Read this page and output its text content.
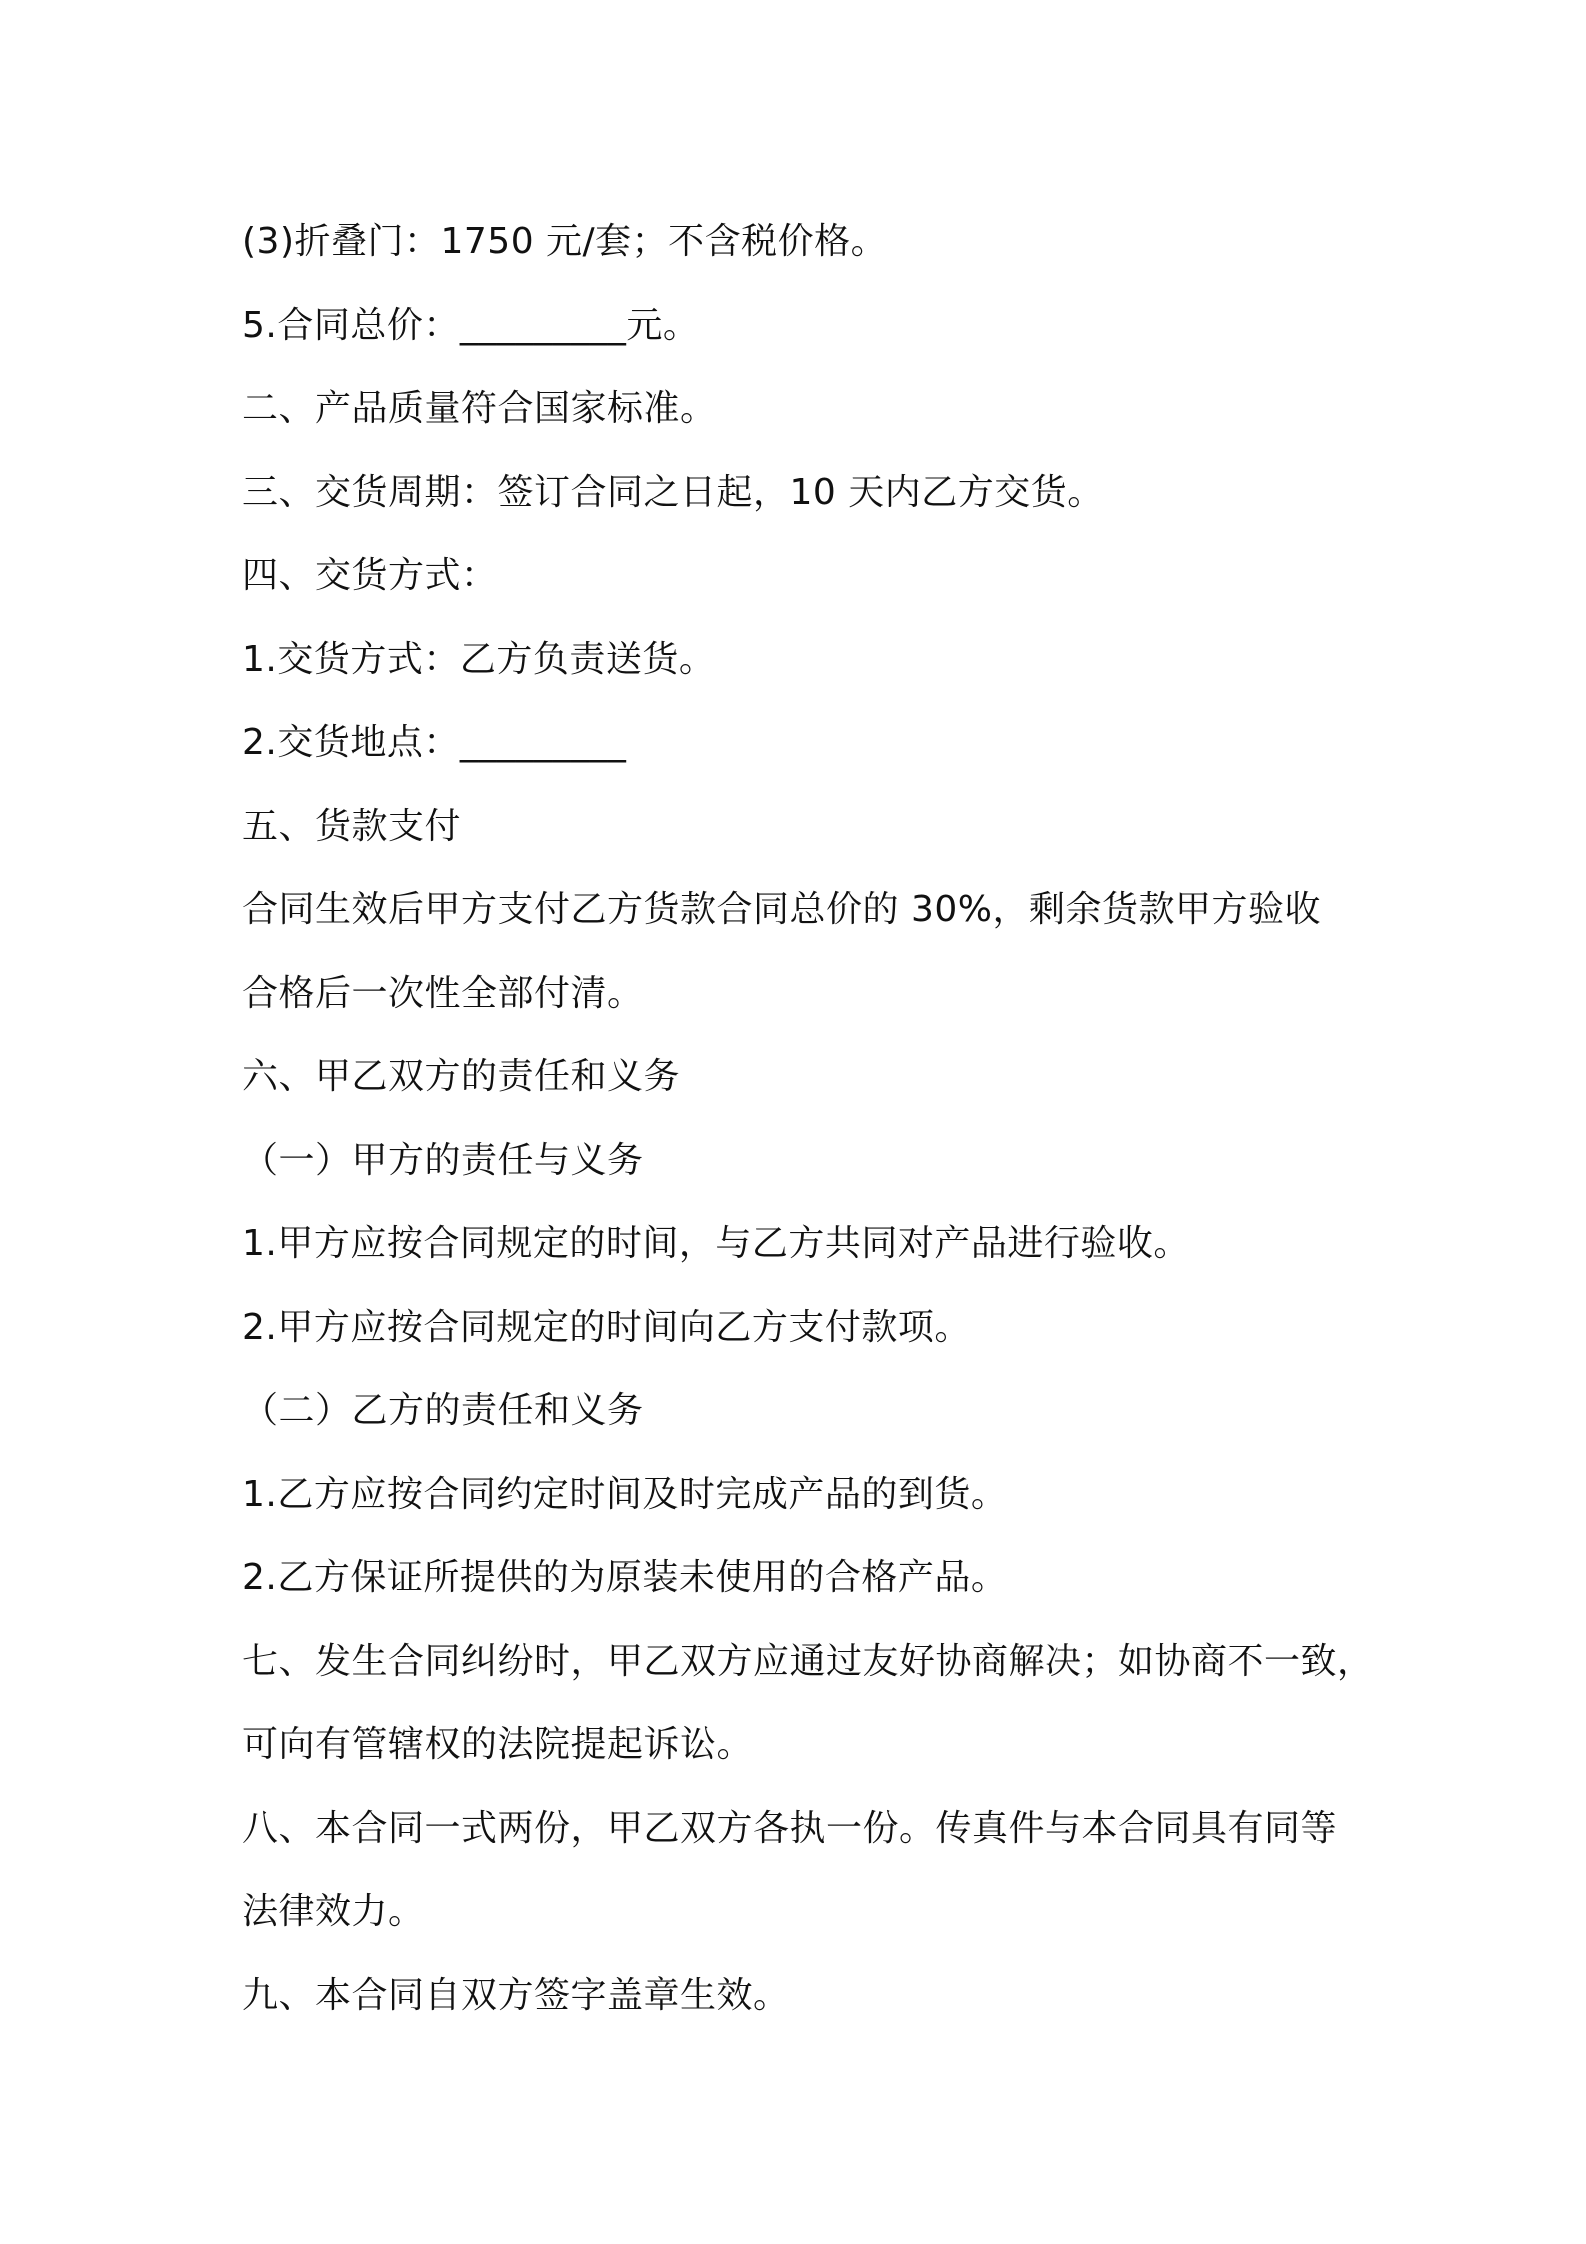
(3)折叠门：1750 元/套；不含税价格。
5.合同总价：_________元。
二、产品质量符合国家标准。
三、交货周期：签订合同之日起，10 天内乙方交货。
四、交货方式：
1.交货方式：乙方负责送货。
2.交货地点：_________
五、货款支付
合同生效后甲方支付乙方货款合同总价的 30%，剩余货款甲方验收
合格后一次性全部付清。
六、甲乙双方的责任和义务
（一）甲方的责任与义务
1.甲方应按合同规定的时间，与乙方共同对产品进行验收。
2.甲方应按合同规定的时间向乙方支付款项。
（二）乙方的责任和义务
1.乙方应按合同约定时间及时完成产品的到货。
2.乙方保证所提供的为原装未使用的合格产品。
七、发生合同纠纷时，甲乙双方应通过友好协商解决；如协商不一致，
可向有管辖权的法院提起诉讼。
八、本合同一式两份，甲乙双方各执一份。传真件与本合同具有同等
法律效力。
九、本合同自双方签字盖章生效。
